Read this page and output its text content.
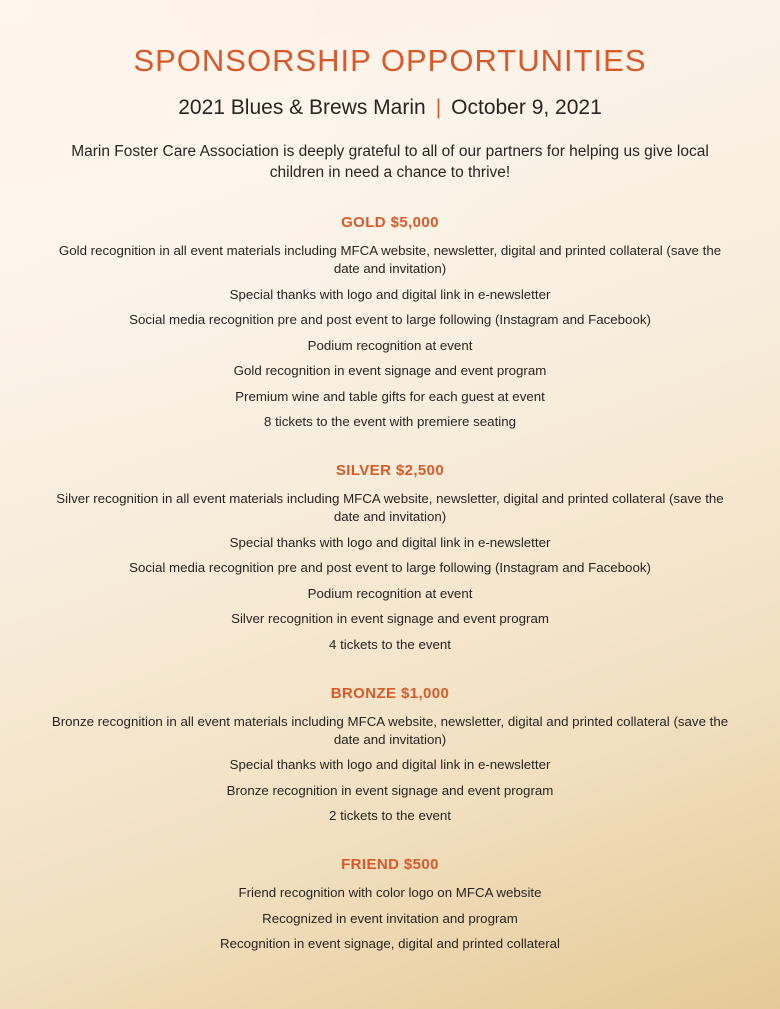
SPONSORSHIP OPPORTUNITIES
2021 Blues & Brews Marin | October 9, 2021

Marin Foster Care Association is deeply grateful to all of our partners for helping us give local children in need a chance to thrive!

GOLD $5,000

Gold recognition in all event materials including MFCA website, newsletter, digital and printed collateral (save the date and invitation)

Special thanks with logo and digital link in e-newsletter

Social media recognition pre and post event to large following (Instagram and Facebook)

Podium recognition at event

Gold recognition in event signage and event program

Premium wine and table gifts for each guest at event

8 tickets to the event with premiere seating

SILVER $2,500

Silver recognition in all event materials including MFCA website, newsletter, digital and printed collateral (save the date and invitation)

Special thanks with logo and digital link in e-newsletter

Social media recognition pre and post event to large following (Instagram and Facebook)

Podium recognition at event

Silver recognition in event signage and event program

4 tickets to the event

BRONZE $1,000

Bronze recognition in all event materials including MFCA website, newsletter, digital and printed collateral (save the date and invitation)

Special thanks with logo and digital link in e-newsletter

Bronze recognition in event signage and event program

2 tickets to the event

FRIEND $500

Friend recognition with color logo on MFCA website

Recognized in event invitation and program

Recognition in event signage, digital and printed collateral
